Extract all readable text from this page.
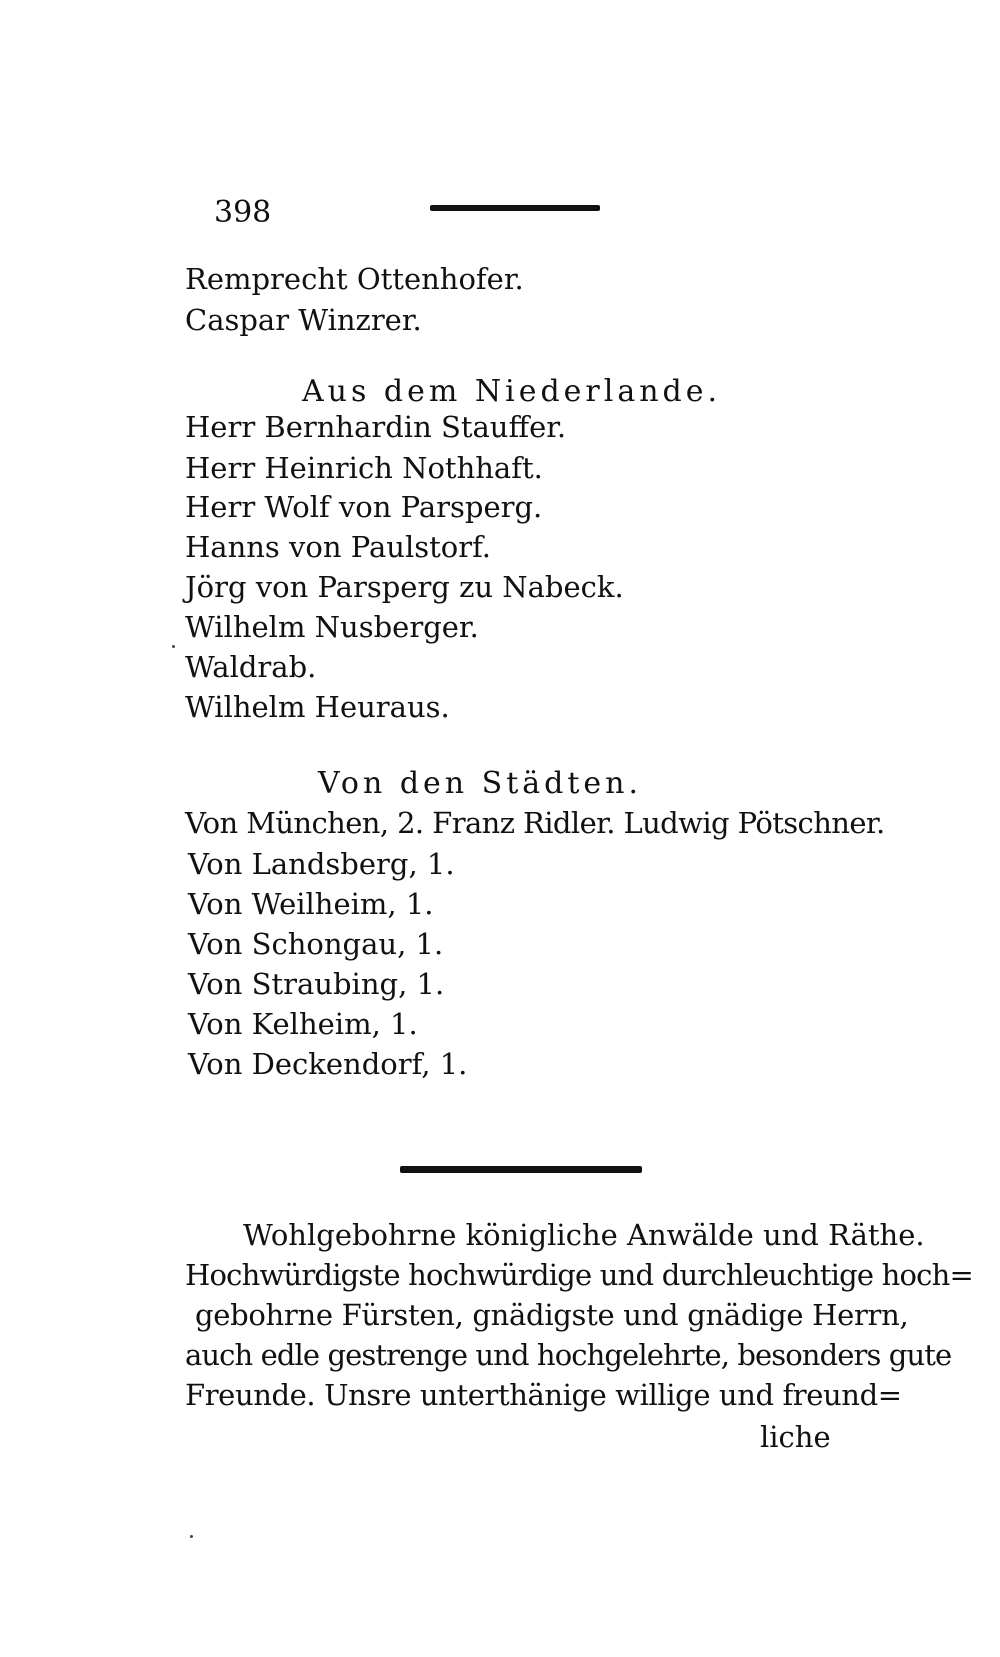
398
Remprecht Ottenhofer.
Caspar Winzrer.
Aus dem Niederlande.
Herr Bernhardin Stauffer.
Herr Heinrich Nothhaft.
Herr Wolf von Parsperg.
Hanns von Paulstorf.
Jörg von Parsperg zu Nabeck.
Wilhelm Nusberger.
Waldrab.
Wilhelm Heuraus.
Von den Städten.
Von München, 2. Franz Ridler. Ludwig Pötschner.
Von Landsberg, 1.
Von Weilheim, 1.
Von Schongau, 1.
Von Straubing, 1.
Von Kelheim, 1.
Von Deckendorf, 1.
Wohlgebohrne königliche Anwälde und Räthe.
Hochwürdigste hochwürdige und durchleuchtige hoch=
gebohrne Fürsten, gnädigste und gnädige Herrn,
auch edle gestrenge und hochgelehrte, besonders gute
Freunde. Unsre unterthänige willige und freund=
liche
